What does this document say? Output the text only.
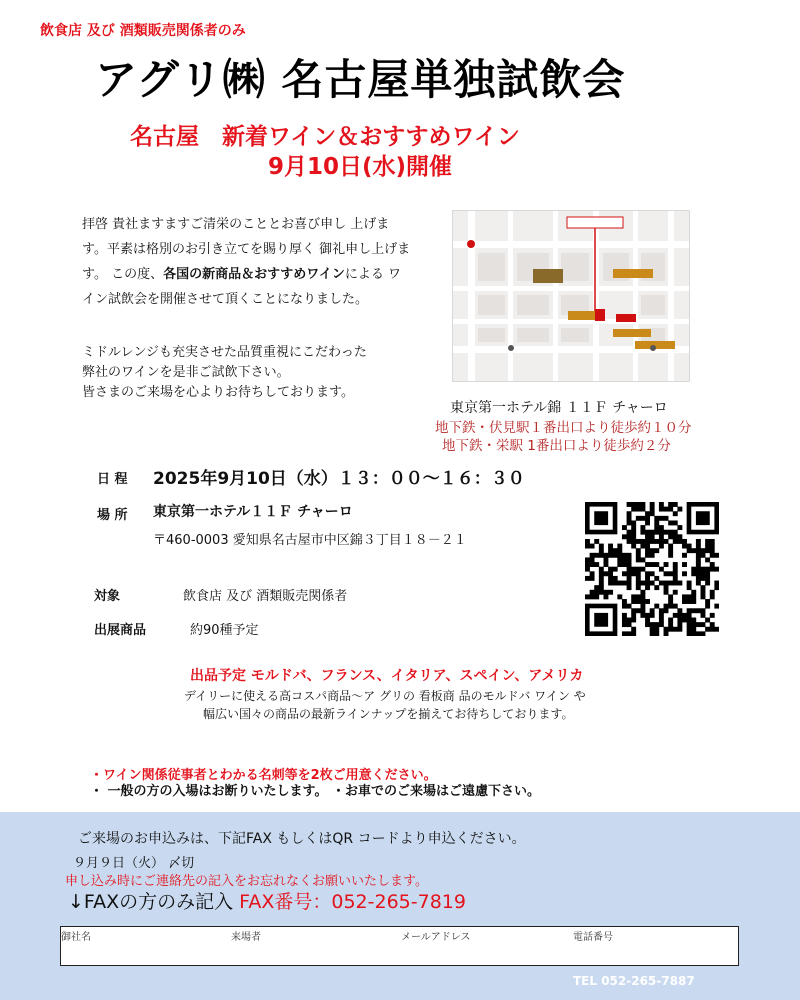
飲食店 及び 酒類販売関係者のみ
アグリ㈱ 名古屋単独試飲会
名古屋　新着ワイン＆おすすめワイン
9月10日(水)開催
拝啓 貴社ますますご清栄のこととお喜び申し 上げます。平素は格別のお引き立てを賜り厚く 御礼申し上げます。 この度、各国の新商品＆おすすめワインによる ワイン試飲会を開催させて頂くことになりました。
ミドルレンジも充実させた品質重視にこだわった
弊社のワインを是非ご試飲下さい。
皆さまのご来場を心よりお待ちしております。
東京第一ホテル錦 １１Ｆ チャーロ
地下鉄・伏見駅１番出口より徒歩約１０分
地下鉄・栄駅 1番出口より徒歩約２分
日 程 2025年9月10日（水）１３：００～１６：３０
場 所 東京第一ホテル１１Ｆ チャーロ
〒460-0003 愛知県名古屋市中区錦３丁目１８－２１
対象	飲食店 及び 酒類販売関係者
出展商品	約90種予定
出品予定 モルドバ、フランス、イタリア、スペイン、アメリカ
デイリーに使える高コスパ商品～ア グリの 看板商 品のモルドバ ワイン や
幅広い国々の商品の最新ラインナップを揃えてお待ちしております。
・ワイン関係従事者とわかる名刺等を2枚ご用意ください。
・ 一般の方の入場はお断りいたします。 ・お車でのご来場はご遠慮下さい。
ご来場のお申込みは、下記FAX もしくはQR コードより申込ください。
９月９日（火） 〆切
申し込み時にご連絡先の記入をお忘れなくお願いいたします。
↓FAXの方のみ記入 FAX番号：052-265-7819
御社名	来場者	メールアドレス	電話番号
TEL 052-265-7887
